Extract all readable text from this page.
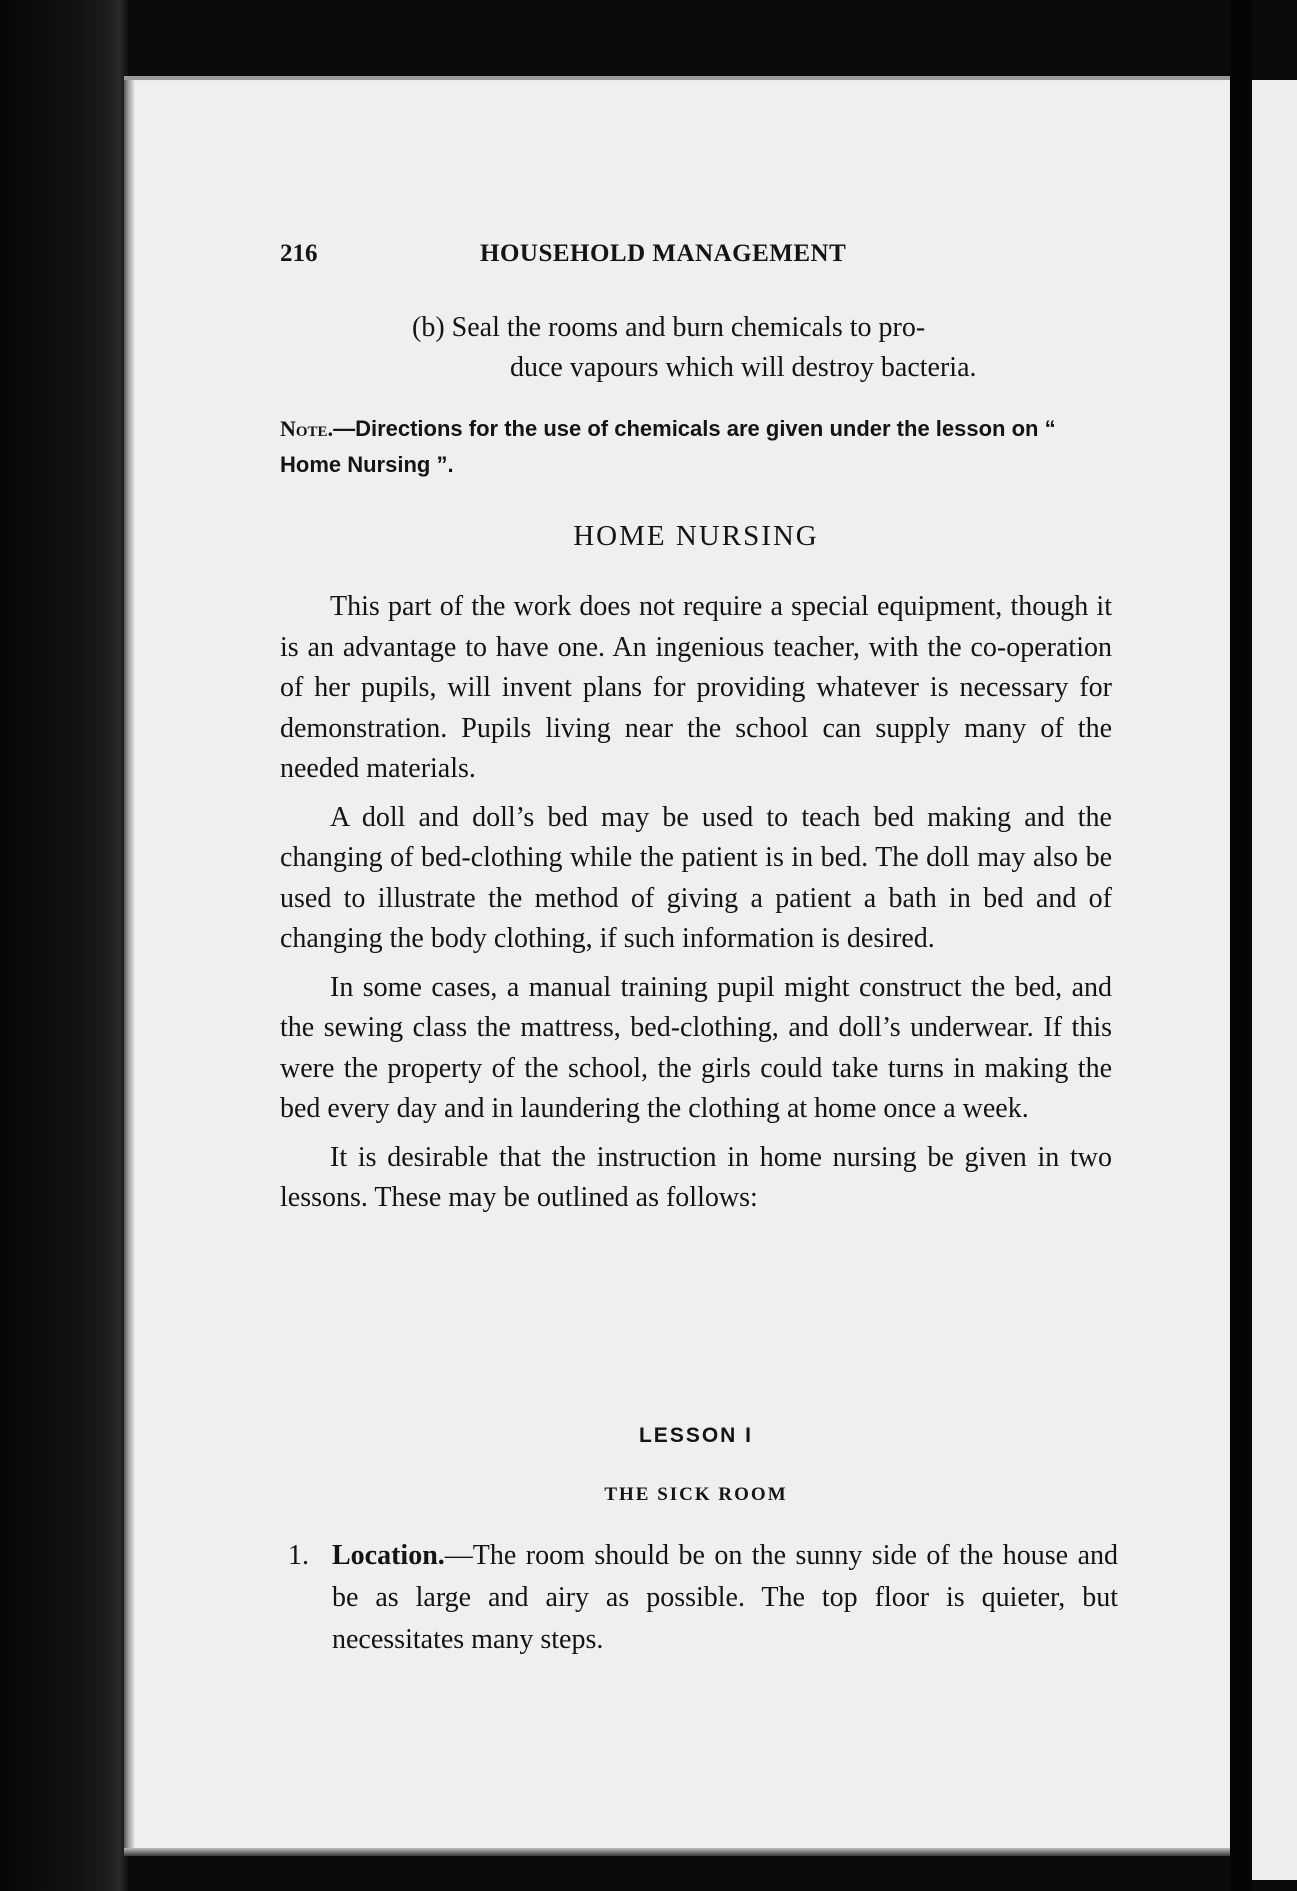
216	HOUSEHOLD MANAGEMENT
(b) Seal the rooms and burn chemicals to pro-
duce vapours which will destroy bacteria.
Note.—Directions for the use of chemicals are given under the lesson on “ Home Nursing ”.
HOME NURSING

This part of the work does not require a special equipment, though it is an advantage to have one. An ingenious teacher, with the co-operation of her pupils, will invent plans for providing whatever is necessary for demonstration. Pupils living near the school can supply many of the needed materials.

A doll and doll’s bed may be used to teach bed making and the changing of bed-clothing while the patient is in bed. The doll may also be used to illustrate the method of giving a patient a bath in bed and of changing the body clothing, if such information is desired.

In some cases, a manual training pupil might construct the bed, and the sewing class the mattress, bed-clothing, and doll’s underwear. If this were the property of the school, the girls could take turns in making the bed every day and in laundering the clothing at home once a week.

It is desirable that the instruction in home nursing be given in two lessons. These may be outlined as follows:

LESSON I
THE SICK ROOM
1. Location.—The room should be on the sunny side of the house and be as large and airy as possible. The top floor is quieter, but necessitates many steps.
